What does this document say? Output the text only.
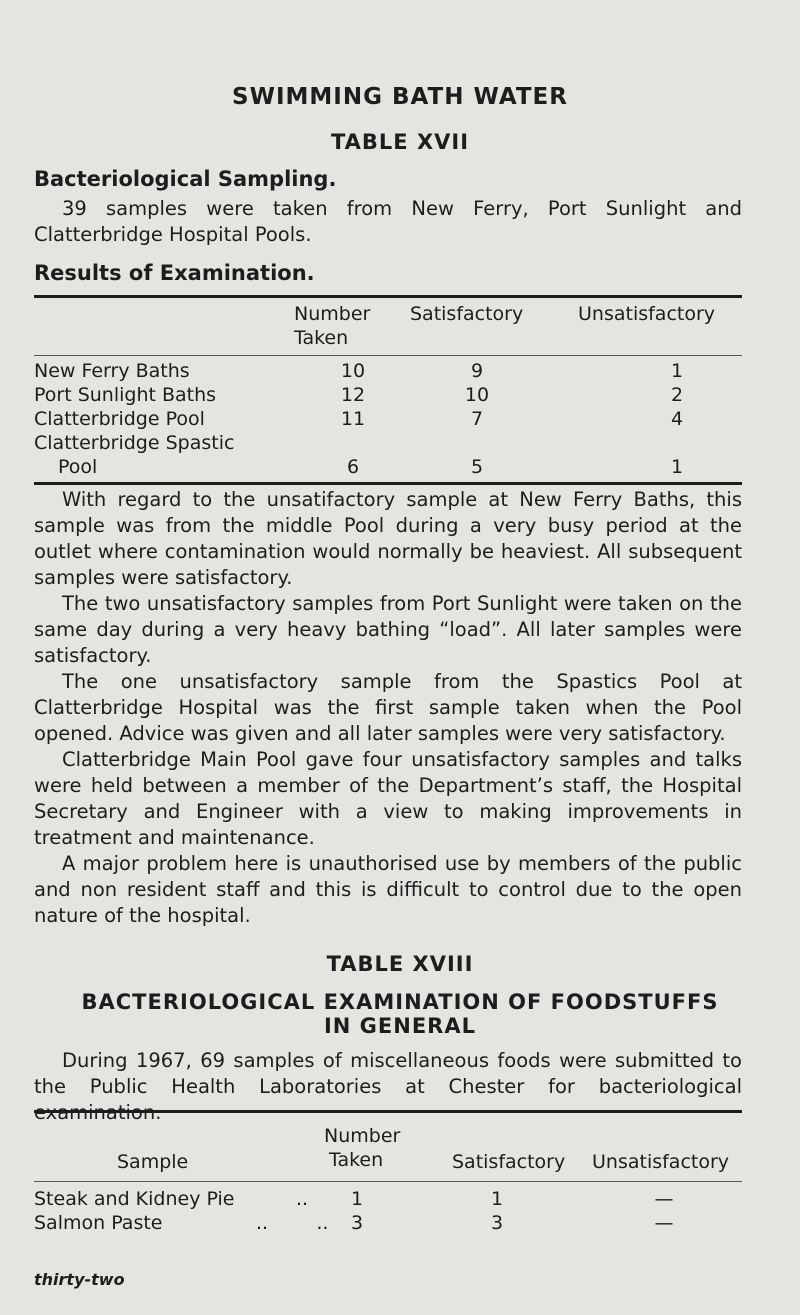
SWIMMING BATH WATER
TABLE XVII
Bacteriological Sampling.
39 samples were taken from New Ferry, Port Sunlight and Clatterbridge Hospital Pools.
Results of Examination.
Number
Taken
Satisfactory	Unsatisfactory
New Ferry Baths	10	9	1
Port Sunlight Baths	12	10	2
Clatterbridge Pool	11	7	4
Clatterbridge Spastic
Pool	6	5	1
With regard to the unsatifactory sample at New Ferry Baths, this sample was from the middle Pool during a very busy period at the outlet where contamination would normally be heaviest. All subsequent samples were satisfactory.
The two unsatisfactory samples from Port Sunlight were taken on the same day during a very heavy bathing “load”. All later samples were satisfactory.
The one unsatisfactory sample from the Spastics Pool at Clatterbridge Hospital was the first sample taken when the Pool opened. Advice was given and all later samples were very satisfactory.
Clatterbridge Main Pool gave four unsatisfactory samples and talks were held between a member of the Department’s staff, the Hospital Secretary and Engineer with a view to making improvements in treatment and maintenance.
A major problem here is unauthorised use by members of the public and non resident staff and this is difficult to control due to the open nature of the hospital.
TABLE XVIII
BACTERIOLOGICAL EXAMINATION OF FOODSTUFFS
IN GENERAL
During 1967, 69 samples of miscellaneous foods were submitted to the Public Health Laboratories at Chester for bacteriological
Sample
Number
Taken	Satisfactory Unsatisfactory
Steak and Kidney Pie	..	1	1	—
Salmon Paste	..        ..	3	3	—
thirty-two
